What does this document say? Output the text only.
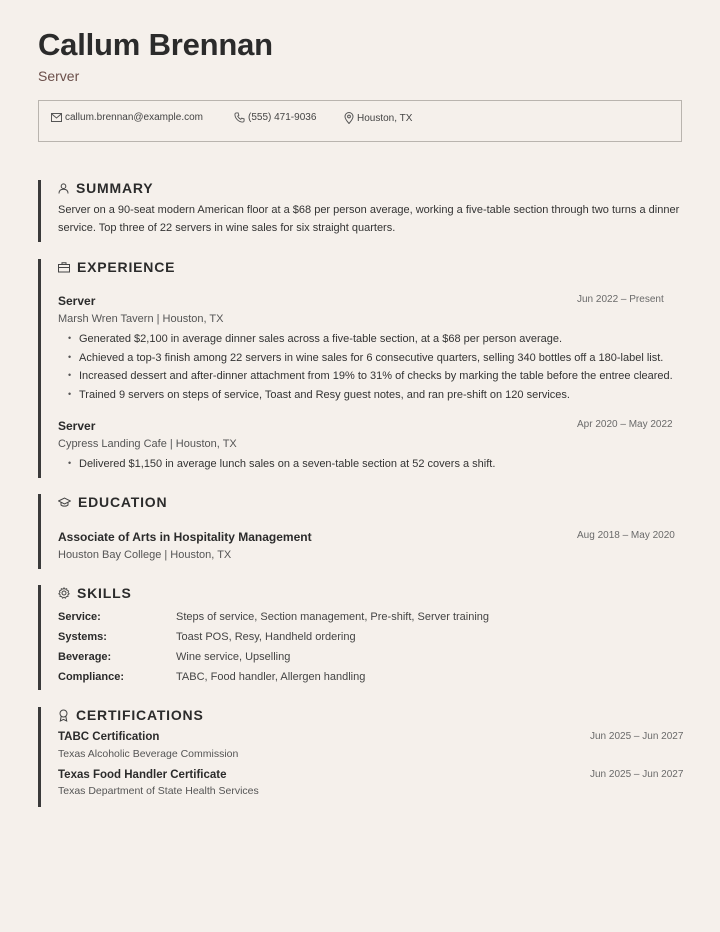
Callum Brennan
Server
callum.brennan@example.com	(555) 471-9036	Houston, TX
SUMMARY
Server on a 90-seat modern American floor at a $68 per person average, working a five-table section through two turns a dinner
service. Top three of 22 servers in wine sales for six straight quarters.
EXPERIENCE
Server	Jun 2022 – Present
Marsh Wren Tavern | Houston, TX
• Generated $2,100 in average dinner sales across a five-table section, at a $68 per person average.
• Achieved a top-3 finish among 22 servers in wine sales for 6 consecutive quarters, selling 340 bottles off a 180-label list.
• Increased dessert and after-dinner attachment from 19% to 31% of checks by marking the table before the entree cleared.
• Trained 9 servers on steps of service, Toast and Resy guest notes, and ran pre-shift on 120 services.
Server	Apr 2020 – May 2022
Cypress Landing Cafe | Houston, TX
• Delivered $1,150 in average lunch sales on a seven-table section at 52 covers a shift.
EDUCATION
Associate of Arts in Hospitality Management	Aug 2018 – May 2020
Houston Bay College | Houston, TX
SKILLS
Service:	Steps of service, Section management, Pre-shift, Server training
Systems:	Toast POS, Resy, Handheld ordering
Beverage:	Wine service, Upselling
Compliance:	TABC, Food handler, Allergen handling
CERTIFICATIONS
TABC Certification	Jun 2025 – Jun 2027
Texas Alcoholic Beverage Commission
Texas Food Handler Certificate	Jun 2025 – Jun 2027
Texas Department of State Health Services
